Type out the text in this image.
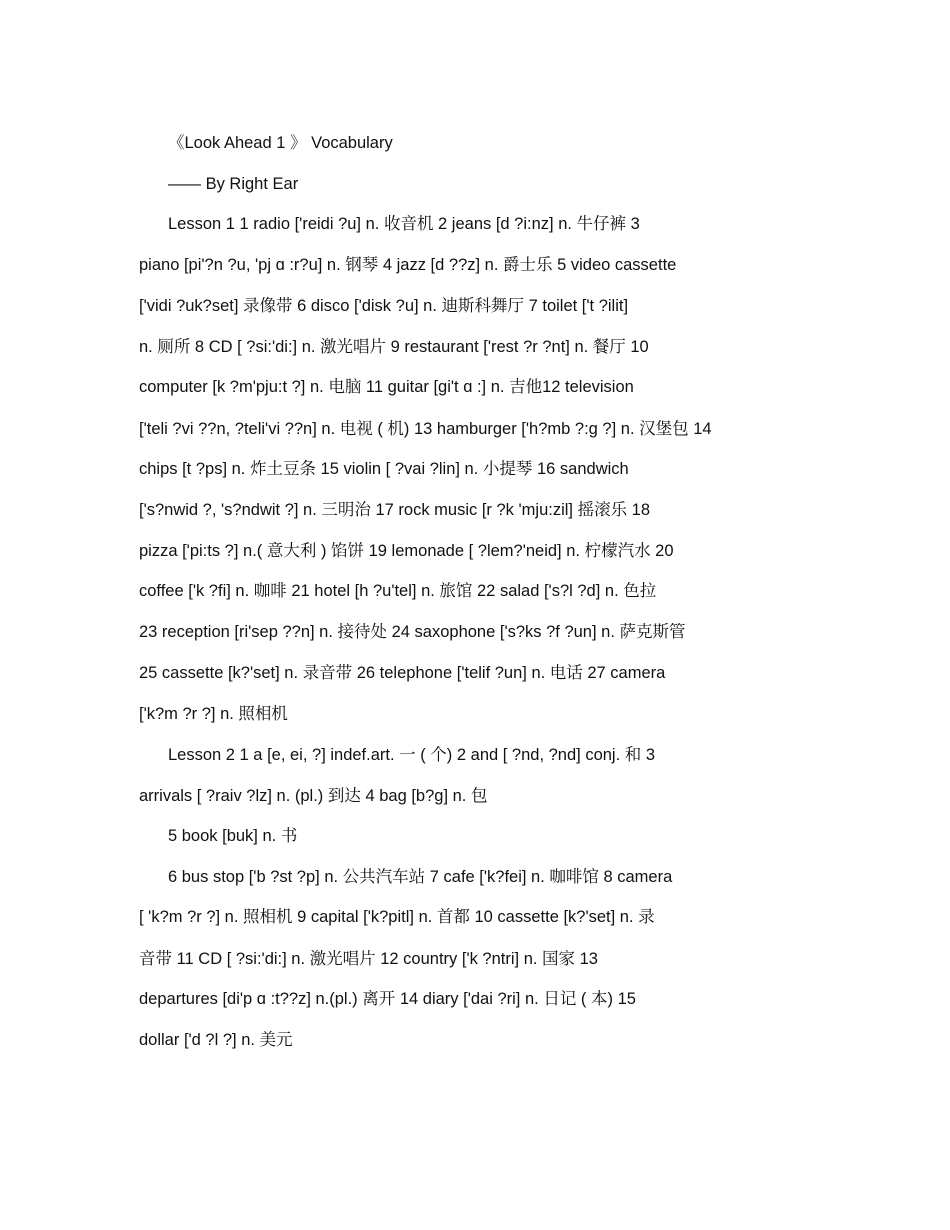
《Look Ahead 1 》 Vocabulary
—— By Right Ear
Lesson 1 1 radio ['reidi ?u] n. 收音机 2 jeans [d ?i:nz] n. 牛仔裤 3
piano [pi'?n ?u, 'pj ɑ :r?u] n. 钢琴 4 jazz [d ??z] n. 爵士乐 5 video cassette
['vidi ?uk?set] 录像带 6 disco ['disk ?u] n. 迪斯科舞厅 7 toilet ['t ?ilit]
n. 厕所 8 CD [ ?si:'di:] n. 激光唱片 9 restaurant ['rest ?r ?nt] n. 餐厅 10
computer [k ?m'pju:t ?] n. 电脑 11 guitar [gi't ɑ :] n. 吉他12 television
['teli ?vi ??n, ?teli'vi ??n] n. 电视 ( 机) 13 hamburger ['h?mb ?:g ?] n. 汉堡包 14
chips [t ?ps] n. 炸土豆条 15 violin [ ?vai ?lin] n. 小提琴 16 sandwich
['s?nwid ?, 's?ndwit ?] n. 三明治 17 rock music [r ?k 'mju:zil] 摇滚乐 18
pizza ['pi:ts ?] n.( 意大利 ) 馅饼 19 lemonade [ ?lem?'neid] n. 柠檬汽水 20
coffee ['k ?fi] n. 咖啡 21 hotel [h ?u'tel] n. 旅馆 22 salad ['s?l ?d] n. 色拉
23 reception [ri'sep ??n] n. 接待处 24 saxophone ['s?ks ?f ?un] n. 萨克斯管
25 cassette [k?'set] n. 录音带 26 telephone ['telif ?un] n. 电话 27 camera
['k?m ?r ?] n. 照相机
Lesson 2 1 a [e, ei, ?] indef.art. 一 ( 个) 2 and [ ?nd, ?nd] conj. 和 3
arrivals [ ?raiv ?lz] n. (pl.) 到达 4 bag [b?g] n. 包
5 book [buk] n. 书
6 bus stop ['b ?st ?p] n. 公共汽车站 7 cafe ['k?fei] n. 咖啡馆 8 camera
[ 'k?m ?r ?] n. 照相机 9 capital ['k?pitl] n. 首都 10 cassette [k?'set] n. 录
音带 11 CD [ ?si:'di:] n. 激光唱片 12 country ['k ?ntri] n. 国家 13
departures [di'p ɑ :t??z] n.(pl.) 离开 14 diary ['dai ?ri] n. 日记 ( 本) 15
dollar ['d ?l ?] n. 美元
